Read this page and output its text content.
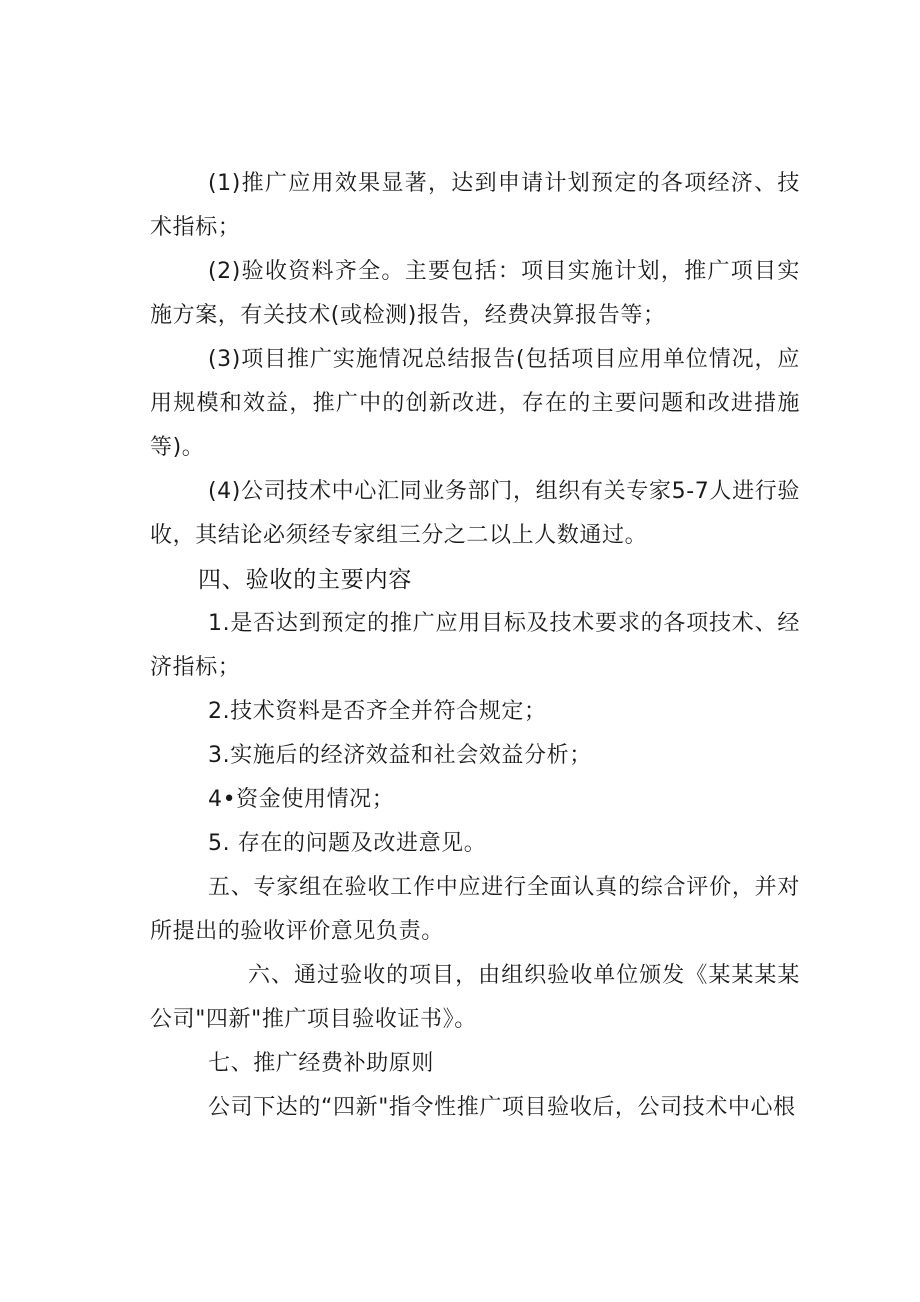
(1)推广应用效果显著，达到申请计划预定的各项经济、技术指标；

(2)验收资料齐全。主要包括：项目实施计划，推广项目实施方案，有关技术(或检测)报告，经费决算报告等；

(3)项目推广实施情况总结报告(包括项目应用单位情况，应用规模和效益，推广中的创新改进，存在的主要问题和改进措施等)。

(4)公司技术中心汇同业务部门，组织有关专家5-7人进行验收，其结论必须经专家组三分之二以上人数通过。

四、验收的主要内容

1.是否达到预定的推广应用目标及技术要求的各项技术、经济指标；

2.技术资料是否齐全并符合规定；

3.实施后的经济效益和社会效益分析；

4•资金使用情况；

5. 存在的问题及改进意见。

五、专家组在验收工作中应进行全面认真的综合评价，并对所提出的验收评价意见负责。

六、通过验收的项目，由组织验收单位颁发《某某某某公司"四新"推广项目验收证书》。

七、推广经费补助原则

公司下达的“四新"指令性推广项目验收后，公司技术中心根
